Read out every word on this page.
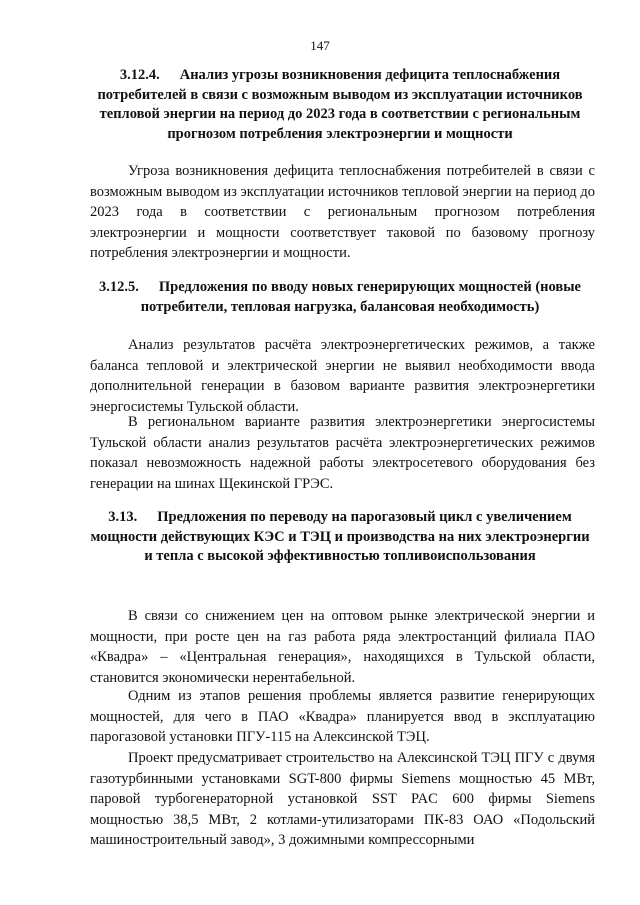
147
3.12.4. Анализ угрозы возникновения дефицита теплоснабжения потребителей в связи с возможным выводом из эксплуатации источников тепловой энергии на период до 2023 года в соответствии с региональным прогнозом потребления электроэнергии и мощности

Угроза возникновения дефицита теплоснабжения потребителей в связи с возможным выводом из эксплуатации источников тепловой энергии на период до 2023 года в соответствии с региональным прогнозом потребления электроэнергии и мощности соответствует таковой по базовому прогнозу потребления электроэнергии и мощности.

3.12.5. Предложения по вводу новых генерирующих мощностей (новые потребители, тепловая нагрузка, балансовая необходимость)

Анализ результатов расчёта электроэнергетических режимов, а также баланса тепловой и электрической энергии не выявил необходимости ввода дополнительной генерации в базовом варианте развития электроэнергетики энергосистемы Тульской области.

В региональном варианте развития электроэнергетики энергосистемы Тульской области анализ результатов расчёта электроэнергетических режимов показал невозможность надежной работы электросетевого оборудования без генерации на шинах Щекинской ГРЭС.

3.13. Предложения по переводу на парогазовый цикл с увеличением мощности действующих КЭС и ТЭЦ и производства на них электроэнергии и тепла с высокой эффективностью топливоиспользования

В связи со снижением цен на оптовом рынке электрической энергии и мощности, при росте цен на газ работа ряда электростанций филиала ПАО «Квадра» – «Центральная генерация», находящихся в Тульской области, становится экономически нерентабельной.

Одним из этапов решения проблемы является развитие генерирующих мощностей, для чего в ПАО «Квадра» планируется ввод в эксплуатацию парогазовой установки ПГУ-115 на Алексинской ТЭЦ.

Проект предусматривает строительство на Алексинской ТЭЦ ПГУ с двумя газотурбинными установками SGT-800 фирмы Siemens мощностью 45 МВт, паровой турбогенераторной установкой SST PAC 600 фирмы Siemens мощностью 38,5 МВт, 2 котлами-утилизаторами ПК-83 ОАО «Подольский машиностроительный завод», 3 дожимными компрессорными
